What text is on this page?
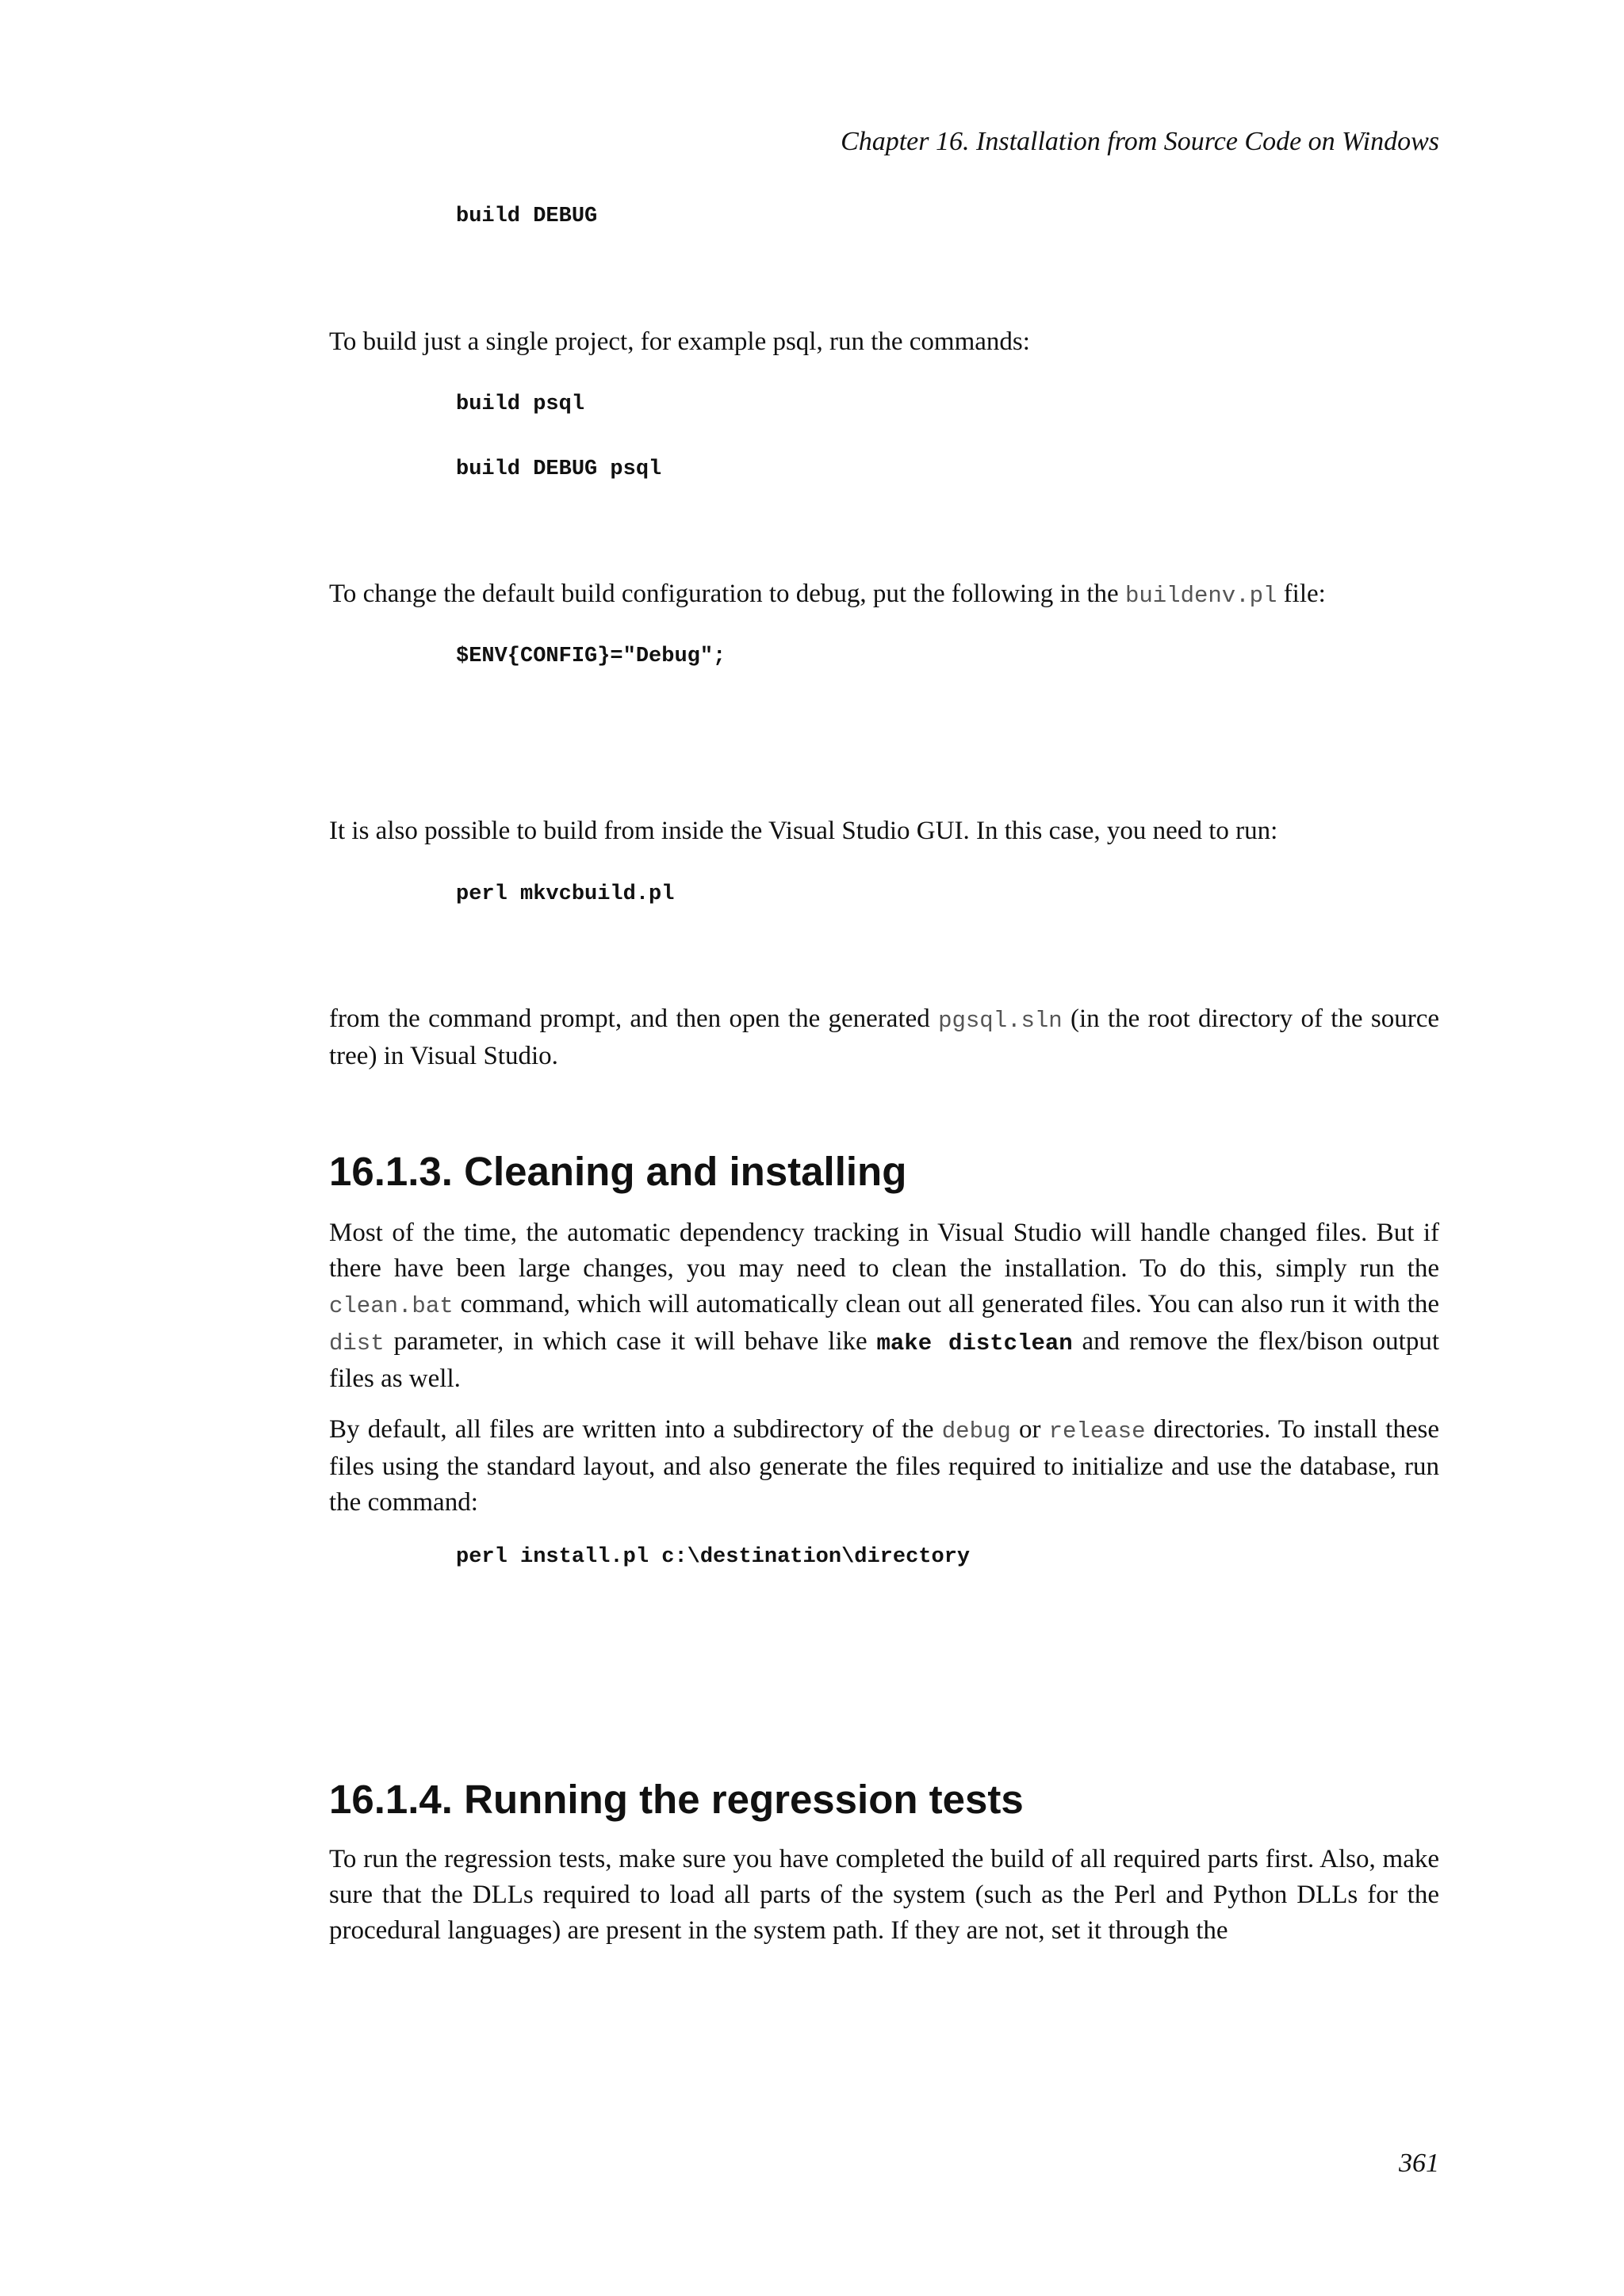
Chapter 16. Installation from Source Code on Windows
build DEBUG

To build just a single project, for example psql, run the commands:

build psql
build DEBUG psql

To change the default build configuration to debug, put the following in the buildenv.pl file:

$ENV{CONFIG}="Debug";

It is also possible to build from inside the Visual Studio GUI. In this case, you need to run:

perl mkvcbuild.pl

from the command prompt, and then open the generated pgsql.sln (in the root directory of the source tree) in Visual Studio.

16.1.3. Cleaning and installing

Most of the time, the automatic dependency tracking in Visual Studio will handle changed files. But if there have been large changes, you may need to clean the installation. To do this, simply run the clean.bat command, which will automatically clean out all generated files. You can also run it with the dist parameter, in which case it will behave like make distclean and remove the flex/bison output files as well.

By default, all files are written into a subdirectory of the debug or release directories. To install these files using the standard layout, and also generate the files required to initialize and use the database, run the command:

perl install.pl c:\destination\directory
16.1.4. Running the regression tests

To run the regression tests, make sure you have completed the build of all required parts first. Also, make sure that the DLLs required to load all parts of the system (such as the Perl and Python DLLs for the procedural languages) are present in the system path. If they are not, set it through the

361
